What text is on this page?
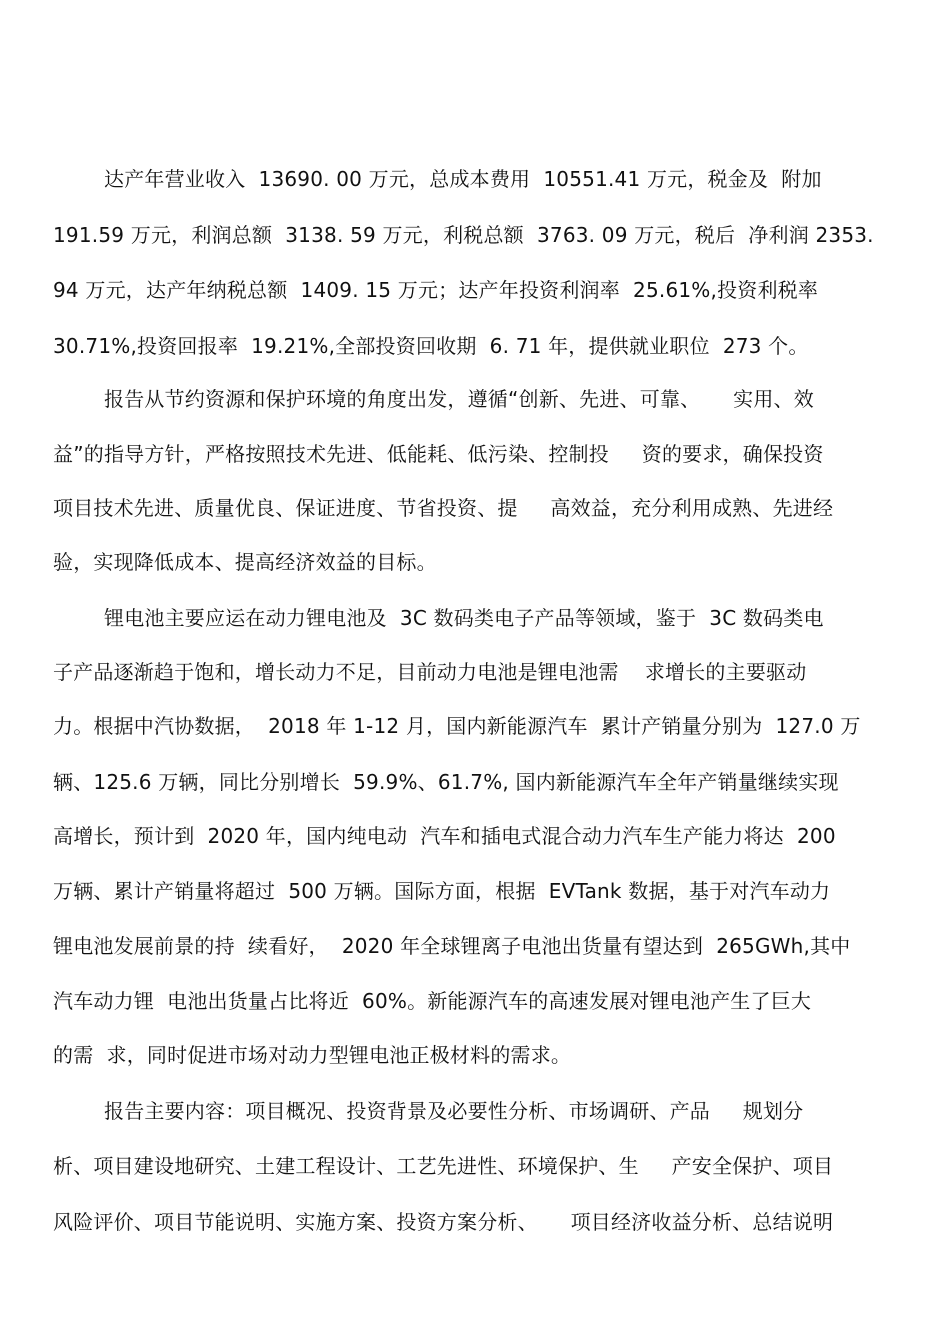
达产年营业收入  13690. 00 万元，总成本费用  10551.41 万元，税金及  附加
191.59 万元，利润总额  3138. 59 万元，利税总额  3763. 09 万元，税后  净利润 2353.
94 万元，达产年纳税总额  1409. 15 万元；达产年投资利润率  25.61%,投资利税率
30.71%,投资回报率  19.21%,全部投资回收期  6. 71 年，提供就业职位  273 个。
报告从节约资源和保护环境的角度出发，遵循“创新、先进、可靠、     实用、效
益”的指导方针，严格按照技术先进、低能耗、低污染、控制投     资的要求，确保投资
项目技术先进、质量优良、保证进度、节省投资、提     高效益，充分利用成熟、先进经
验，实现降低成本、提高经济效益的目标。
锂电池主要应运在动力锂电池及  3C 数码类电子产品等领域，鉴于  3C 数码类电
子产品逐渐趋于饱和，增长动力不足，目前动力电池是锂电池需    求增长的主要驱动
力。根据中汽协数据，  2018 年 1-12 月，国内新能源汽车  累计产销量分别为  127.0 万
辆、125.6 万辆，同比分别增长  59.9%、61.7%, 国内新能源汽车全年产销量继续实现
高增长，预计到  2020 年，国内纯电动  汽车和插电式混合动力汽车生产能力将达  200
万辆、累计产销量将超过  500 万辆。国际方面，根据  EVTank 数据，基于对汽车动力
锂电池发展前景的持  续看好，  2020 年全球锂离子电池出货量有望达到  265GWh,其中
汽车动力锂  电池出货量占比将近  60%。新能源汽车的高速发展对锂电池产生了巨大
的需  求，同时促进市场对动力型锂电池正极材料的需求。
报告主要内容：项目概况、投资背景及必要性分析、市场调研、产品     规划分
析、项目建设地研究、土建工程设计、工艺先进性、环境保护、生     产安全保护、项目
风险评价、项目节能说明、实施方案、投资方案分析、     项目经济收益分析、总结说明
